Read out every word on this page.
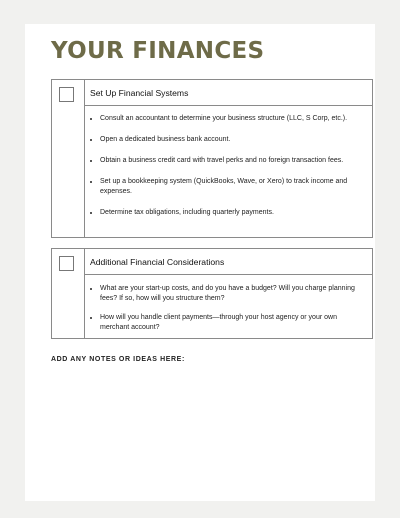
YOUR FINANCES
Set Up Financial Systems
• Consult an accountant to determine your business structure (LLC, S Corp, etc.).
• Open a dedicated business bank account.
• Obtain a business credit card with travel perks and no foreign transaction fees.
• Set up a bookkeeping system (QuickBooks, Wave, or Xero) to track income and expenses.
• Determine tax obligations, including quarterly payments.
Additional Financial Considerations
• What are your start-up costs, and do you have a budget? Will you charge planning fees? If so, how will you structure them?
• How will you handle client payments—through your host agency or your own merchant account?
ADD ANY NOTES OR IDEAS HERE:
